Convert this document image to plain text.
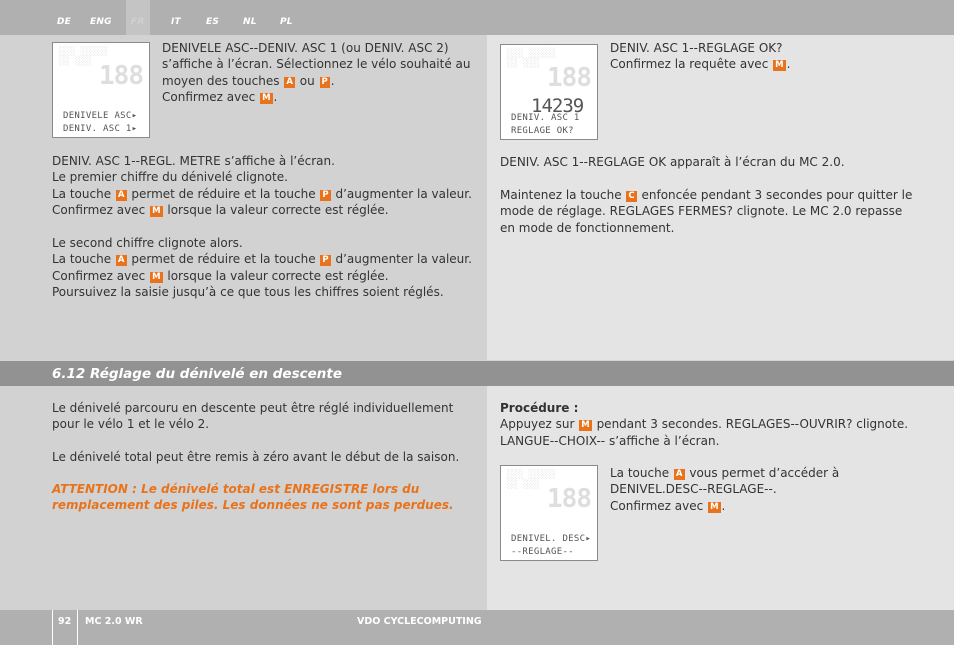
DE ENG FR	IT	ES	NL	PL
6.12 Réglage du dénivelé en descente
░░░ ░░░░░
░░ ░░░ 188
DENIVELE ASC▸
DENIV. ASC 1▸

DENIVELE ASC--DENIV. ASC 1 (ou DENIV. ASC 2) s’affiche à l’écran. Sélectionnez le vélo souhaité au moyen des touches A ou P .

Confirmez avec M .

DENIV. ASC 1--REGL. METRE s’affiche à l’écran.

Le premier chiffre du dénivelé clignote.

La touche A permet de réduire et la touche P d’augmenter la valeur.

Confirmez avec M lorsque la valeur correcte est réglée.

Le second chiffre clignote alors.

La touche A permet de réduire et la touche P d’augmenter la valeur.

Confirmez avec M lorsque la valeur correcte est réglée.

Poursuivez la saisie jusqu’à ce que tous les chiffres soient réglés.

░░░ ░░░░░
░░ ░░░ 188
14239
DENIV. ASC 1
REGLAGE OK?

DENIV. ASC 1--REGLAGE OK?

Confirmez la requête avec M .

DENIV. ASC 1--REGLAGE OK apparaît à l’écran du MC 2.0.

Maintenez la touche C enfoncée pendant 3 secondes pour quitter le mode de réglage. REGLAGES FERMES? clignote. Le MC 2.0 repasse en mode de fonctionnement.

Le dénivelé parcouru en descente peut être réglé individuellement pour le vélo 1 et le vélo 2.

Le dénivelé total peut être remis à zéro avant le début de la saison.

ATTENTION : Le dénivelé total est ENREGISTRE lors du

remplacement des piles. Les données ne sont pas perdues.

Procédure :

Appuyez sur M pendant 3 secondes. REGLAGES--OUVRIR? clignote. LANGUE--CHOIX-- s’affiche à l’écran.

░░░ ░░░░░
░░ ░░░ 188
DENIVEL. DESC▸
--REGLAGE--

La touche A vous permet d’accéder à

DENIVEL.DESC--REGLAGE--.

Confirmez avec M .

92 MC 2.0 WR	VDO CYCLECOMPUTING
